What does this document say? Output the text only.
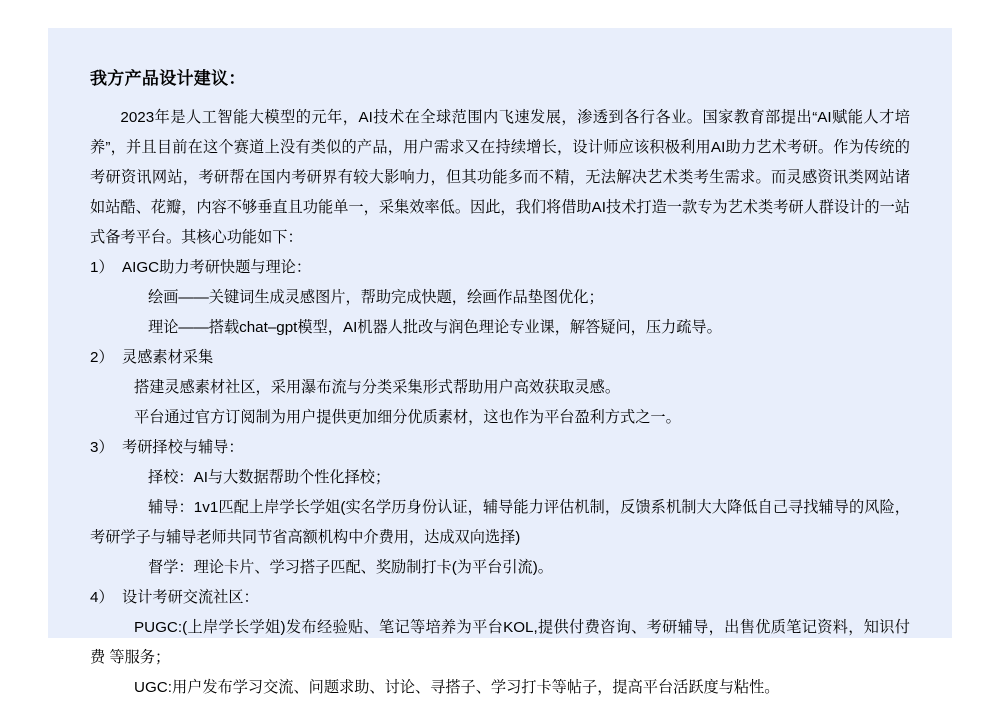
我方产品设计建议：

2023年是人工智能大模型的元年，AI技术在全球范围内飞速发展，渗透到各行各业。国家教育部提出“AI赋能人才培养”，并且目前在这个赛道上没有类似的产品，用户需求又在持续增长，设计师应该积极利用AI助力艺术考研。作为传统的考研资讯网站，考研帮在国内考研界有较大影响力，但其功能多而不精，无法解决艺术类考生需求。而灵感资讯类网站诸如站酷、花瓣，内容不够垂直且功能单一，采集效率低。因此，我们将借助AI技术打造一款专为艺术类考研人群设计的一站式备考平台。其核心功能如下：

1） AIGC助力考研快题与理论：
绘画——关键词生成灵感图片，帮助完成快题，绘画作品垫图优化；
理论——搭载chat–gpt模型，AI机器人批改与润色理论专业课，解答疑问，压力疏导。
2） 灵感素材采集
搭建灵感素材社区，采用瀑布流与分类采集形式帮助用户高效获取灵感。
平台通过官方订阅制为用户提供更加细分优质素材，这也作为平台盈利方式之一。
3） 考研择校与辅导：
择校：AI与大数据帮助个性化择校；
辅导：1v1匹配上岸学长学姐(实名学历身份认证，辅导能力评估机制，反馈系机制大大降低自己寻找辅导的风险，考研学子与辅导老师共同节省高额机构中介费用，达成双向选择)
督学：理论卡片、学习搭子匹配、奖励制打卡(为平台引流)。
4） 设计考研交流社区：
PUGC:(上岸学长学姐)发布经验贴、笔记等培养为平台KOL,提供付费咨询、考研辅导，出售优质笔记资料，知识付费 等服务；
UGC:用户发布学习交流、问题求助、讨论、寻搭子、学习打卡等帖子，提高平台活跃度与粘性。
